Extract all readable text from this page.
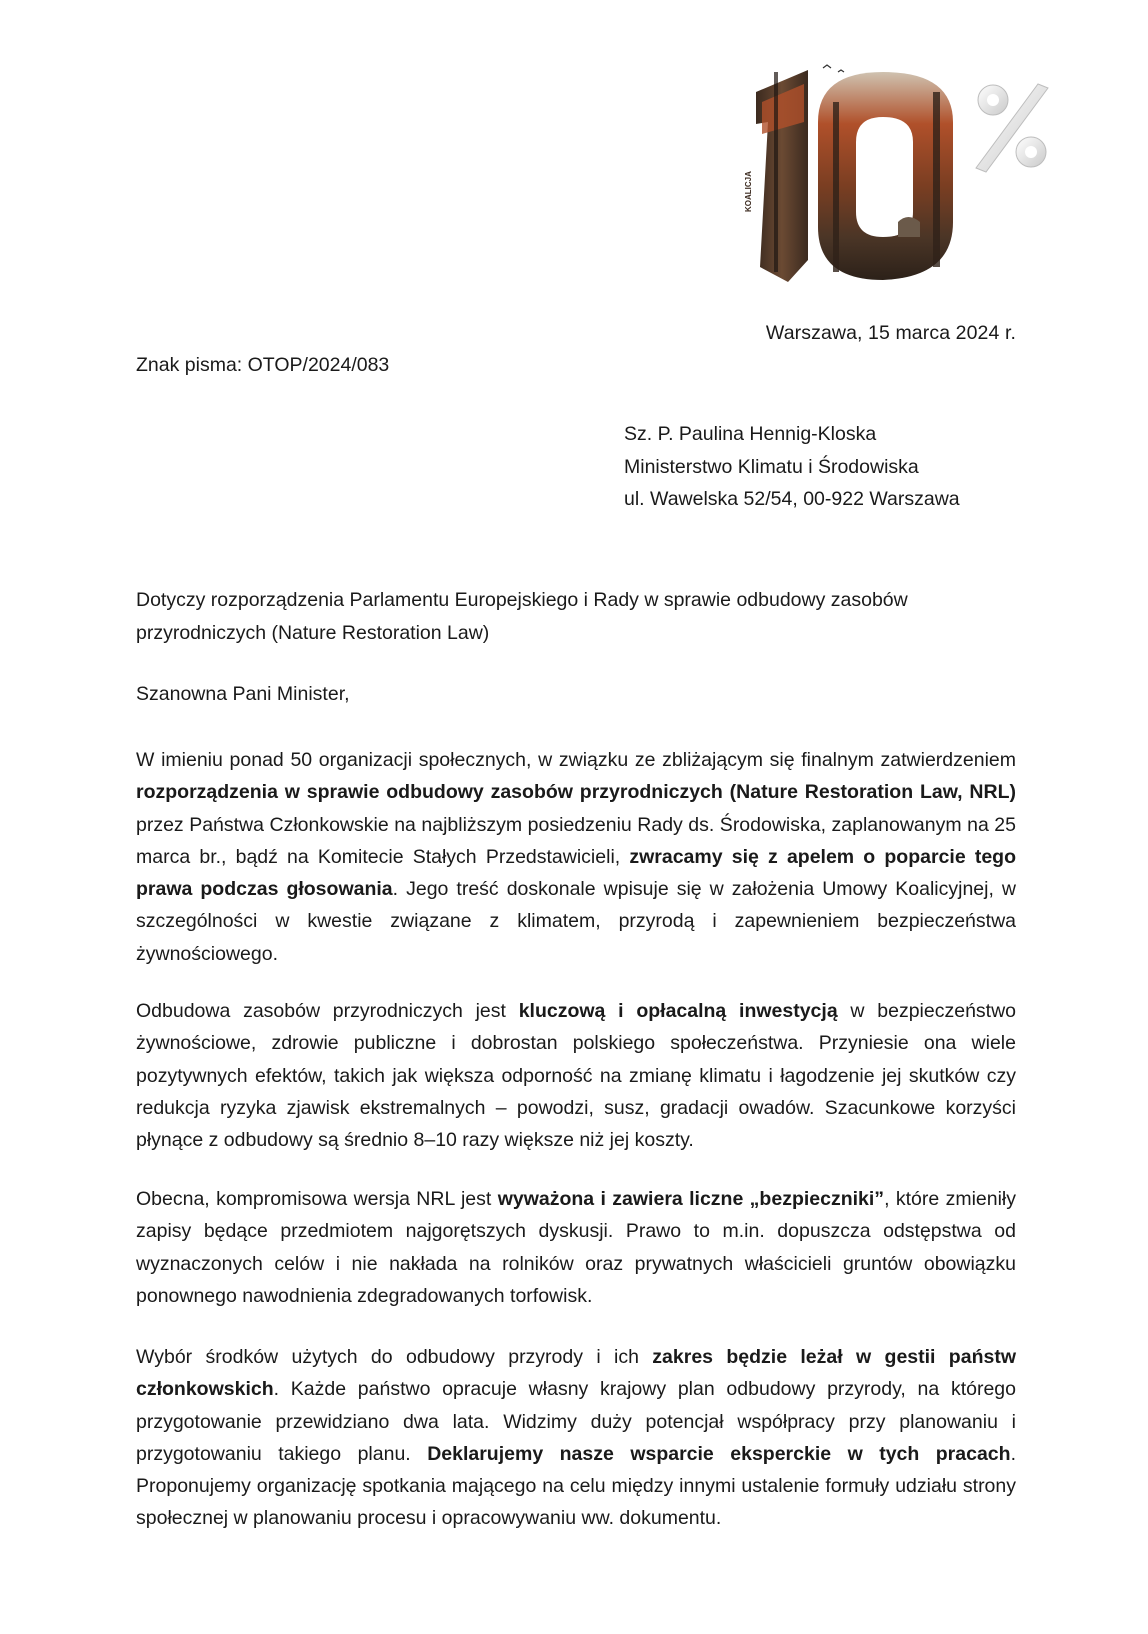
KOALICJA
Warszawa, 15 marca 2024 r.
Znak pisma: OTOP/2024/083
Sz. P. Paulina Hennig-Kloska
Ministerstwo Klimatu i Środowiska
ul. Wawelska 52/54, 00-922 Warszawa
Dotyczy rozporządzenia Parlamentu Europejskiego i Rady w sprawie odbudowy zasobów przyrodniczych (Nature Restoration Law)
Szanowna Pani Minister,

W imieniu ponad 50 organizacji społecznych, w związku ze zbliżającym się finalnym zatwierdzeniem rozporządzenia w sprawie odbudowy zasobów przyrodniczych (Nature Restoration Law, NRL) przez Państwa Członkowskie na najbliższym posiedzeniu Rady ds. Środowiska, zaplanowanym na 25 marca br., bądź na Komitecie Stałych Przedstawicieli, zwracamy się z apelem o poparcie tego prawa podczas głosowania. Jego treść doskonale wpisuje się w założenia Umowy Koalicyjnej, w szczególności w kwestie związane z klimatem, przyrodą i zapewnieniem bezpieczeństwa żywnościowego.

Odbudowa zasobów przyrodniczych jest kluczową i opłacalną inwestycją w bezpieczeństwo żywnościowe, zdrowie publiczne i dobrostan polskiego społeczeństwa. Przyniesie ona wiele pozytywnych efektów, takich jak większa odporność na zmianę klimatu i łagodzenie jej skutków czy redukcja ryzyka zjawisk ekstremalnych – powodzi, susz, gradacji owadów. Szacunkowe korzyści płynące z odbudowy są średnio 8–10 razy większe niż jej koszty.

Obecna, kompromisowa wersja NRL jest wyważona i zawiera liczne „bezpieczniki”, które zmieniły zapisy będące przedmiotem najgorętszych dyskusji. Prawo to m.in. dopuszcza odstępstwa od wyznaczonych celów i nie nakłada na rolników oraz prywatnych właścicieli gruntów obowiązku ponownego nawodnienia zdegradowanych torfowisk.

Wybór środków użytych do odbudowy przyrody i ich zakres będzie leżał w gestii państw członkowskich. Każde państwo opracuje własny krajowy plan odbudowy przyrody, na którego przygotowanie przewidziano dwa lata. Widzimy duży potencjał współpracy przy planowaniu i przygotowaniu takiego planu. Deklarujemy nasze wsparcie eksperckie w tych pracach. Proponujemy organizację spotkania mającego na celu między innymi ustalenie formuły udziału strony społecznej w planowaniu procesu i opracowywaniu ww. dokumentu.
